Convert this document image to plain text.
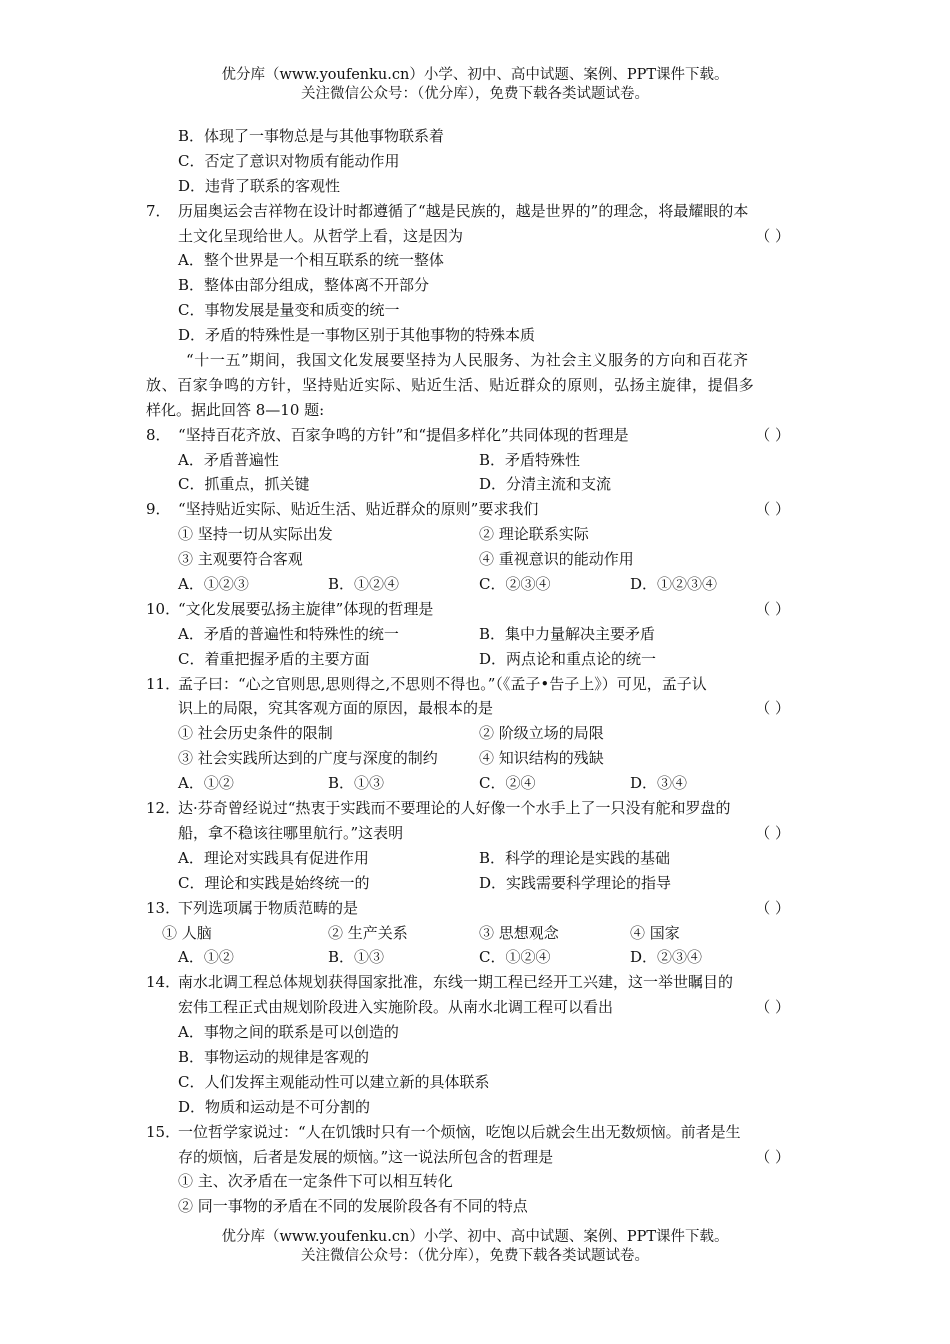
优分库（www.youfenku.cn）小学、初中、高中试题、案例、PPT课件下载。
关注微信公众号：（优分库），免费下载各类试题试卷。
B．体现了一事物总是与其他事物联系着
C．否定了意识对物质有能动作用
D．违背了联系的客观性
7． 历届奥运会吉祥物在设计时都遵循了“越是民族的，越是世界的”的理念，将最耀眼的本
土文化呈现给世人。从哲学上看，这是因为	（ ）
A．整个世界是一个相互联系的统一整体
B．整体由部分组成，整体离不开部分
C．事物发展是量变和质变的统一
D．矛盾的特殊性是一事物区别于其他事物的特殊本质
“十一五”期间，我国文化发展要坚持为人民服务、为社会主义服务的方向和百花齐
放、百家争鸣的方针，坚持贴近实际、贴近生活、贴近群众的原则，弘扬主旋律，提倡多
样化。据此回答 8—10 题:
8． “坚持百花齐放、百家争鸣的方针”和“提倡多样化”共同体现的哲理是	（ ）
A．矛盾普遍性	B．矛盾特殊性
C．抓重点，抓关键	D．分清主流和支流
9． “坚持贴近实际、贴近生活、贴近群众的原则”要求我们	（ ）
① 坚持一切从实际出发	② 理论联系实际
③ 主观要符合客观	④ 重视意识的能动作用
A．①②③	B．①②④	C．②③④	D．①②③④
10．
“文化发展要弘扬主旋律”体现的哲理是	（ ）
A．矛盾的普遍性和特殊性的统一	B．集中力量解决主要矛盾
C．着重把握矛盾的主要方面	D．两点论和重点论的统一
11．
孟子曰：“心之官则思,思则得之,不思则不得也。”（《孟子•告子上》）可见，孟子认
识上的局限，究其客观方面的原因，最根本的是	（ ）
① 社会历史条件的限制	② 阶级立场的局限
③ 社会实践所达到的广度与深度的制约	④ 知识结构的残缺
A．①②	B．①③	C．②④	D．③④
12．
达·芬奇曾经说过“热衷于实践而不要理论的人好像一个水手上了一只没有舵和罗盘的
船，拿不稳该往哪里航行。”这表明	（ ）
A．理论对实践具有促进作用	B．科学的理论是实践的基础
C．理论和实践是始终统一的	D．实践需要科学理论的指导
13．
下列选项属于物质范畴的是	（ ）
① 人脑	② 生产关系	③ 思想观念	④ 国家
A．①②	B．①③	C．①②④	D．②③④
14．
南水北调工程总体规划获得国家批准，东线一期工程已经开工兴建，这一举世瞩目的
宏伟工程正式由规划阶段进入实施阶段。从南水北调工程可以看出	（ ）
A．事物之间的联系是可以创造的
B．事物运动的规律是客观的
C．人们发挥主观能动性可以建立新的具体联系
D．物质和运动是不可分割的
15．
一位哲学家说过：“人在饥饿时只有一个烦恼，吃饱以后就会生出无数烦恼。前者是生
存的烦恼，后者是发展的烦恼。”这一说法所包含的哲理是	（ ）
① 主、次矛盾在一定条件下可以相互转化
② 同一事物的矛盾在不同的发展阶段各有不同的特点
优分库（www.youfenku.cn）小学、初中、高中试题、案例、PPT课件下载。
关注微信公众号：（优分库），免费下载各类试题试卷。
